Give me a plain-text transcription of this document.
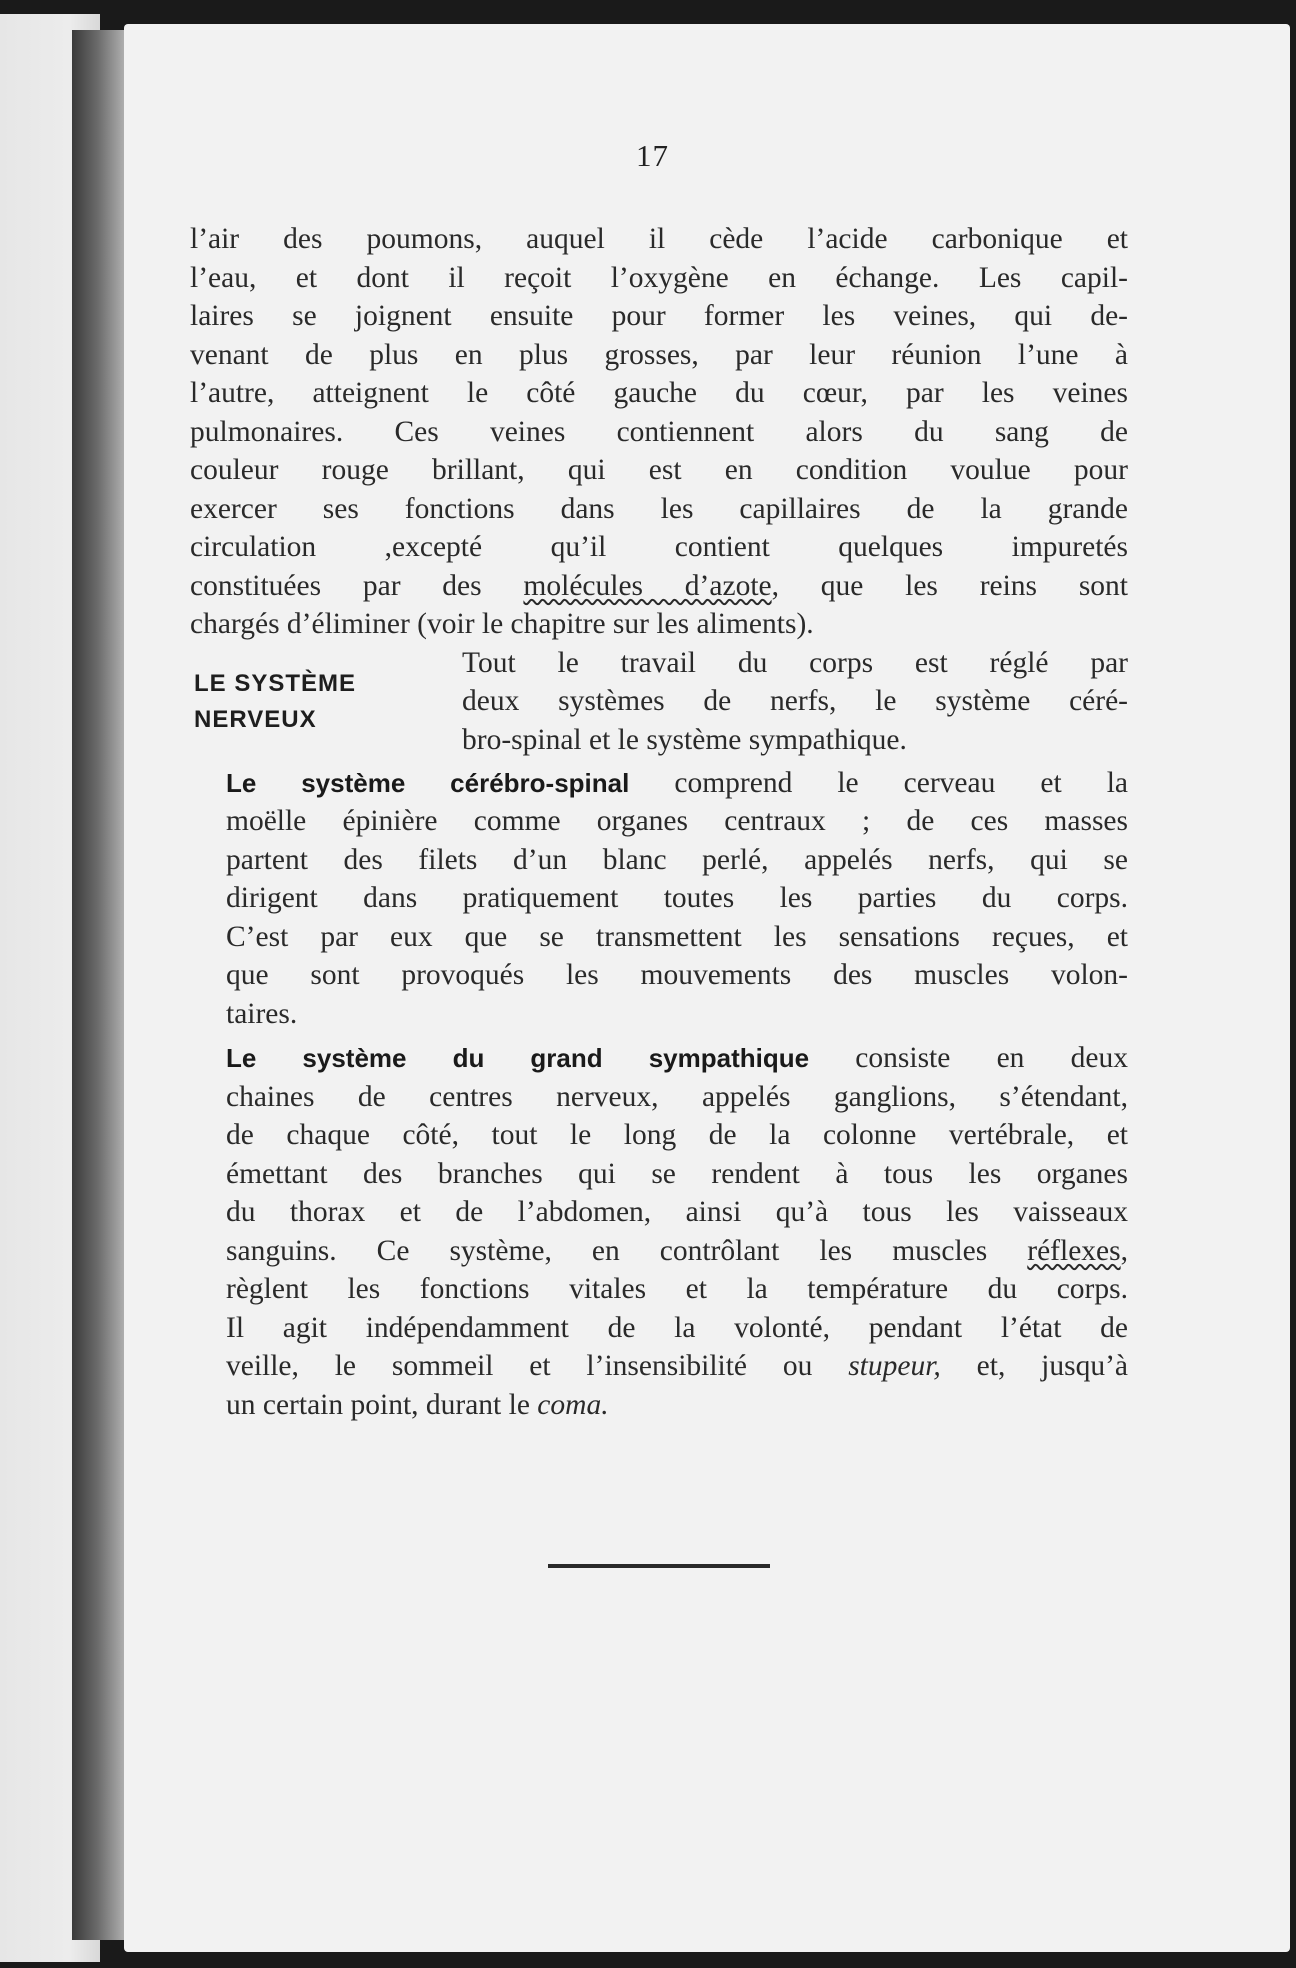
17

l’air des poumons, auquel il cède l’acide carbonique et
l’eau, et dont il reçoit l’oxygène en échange. Les capil-
laires se joignent ensuite pour former les veines, qui de-
venant de plus en plus grosses, par leur réunion l’une à
l’autre, atteignent le côté gauche du cœur, par les veines
pulmonaires. Ces veines contiennent alors du sang de
couleur rouge brillant, qui est en condition voulue pour
exercer ses fonctions dans les capillaires de la grande
circulation ,excepté qu’il contient quelques impuretés
constituées par des molécules d’azote, que les reins sont
chargés d’éliminer (voir le chapitre sur les aliments).

LE SYSTÈME
NERVEUX
Tout le travail du corps est réglé par
deux systèmes de nerfs, le système céré-
bro-spinal et le système sympathique.

Le système cérébro-spinal comprend le cerveau et la
moëlle épinière comme organes centraux ; de ces masses
partent des filets d’un blanc perlé, appelés nerfs, qui se
dirigent dans pratiquement toutes les parties du corps.
C’est par eux que se transmettent les sensations reçues, et
que sont provoqués les mouvements des muscles volon-
taires.

Le système du grand sympathique consiste en deux
chaines de centres nerveux, appelés ganglions, s’étendant,
de chaque côté, tout le long de la colonne vertébrale, et
émettant des branches qui se rendent à tous les organes
du thorax et de l’abdomen, ainsi qu’à tous les vaisseaux
sanguins. Ce système, en contrôlant les muscles réflexes,
règlent les fonctions vitales et la température du corps.
Il agit indépendamment de la volonté, pendant l’état de
veille, le sommeil et l’insensibilité ou stupeur, et, jusqu’à
un certain point, durant le coma.
